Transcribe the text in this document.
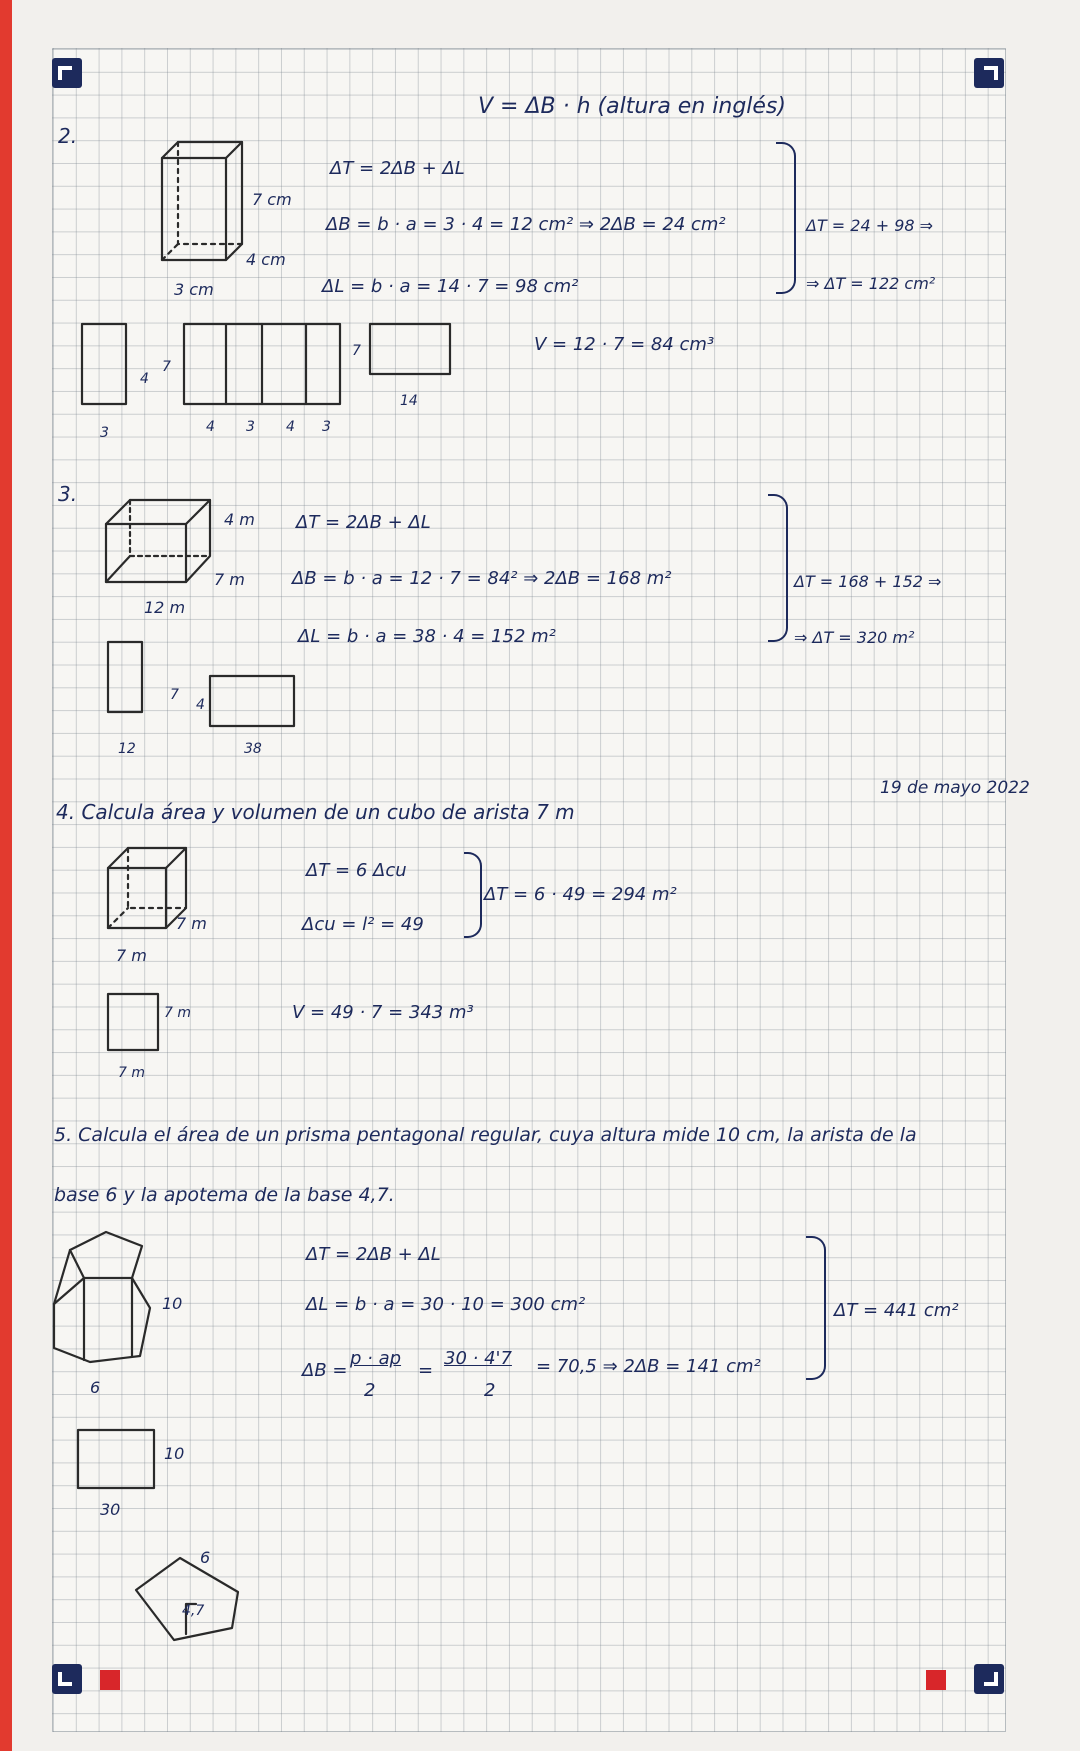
V = ΔB · h (altura en inglés)
2.
7 cm
4 cm
3 cm
4
7
3	4 3 4 3
7
14
ΔT = 2ΔB + ΔL
ΔB = b · a = 3 · 4 = 12 cm² ⇒ 2ΔB = 24 cm²
ΔL = b · a = 14 · 7 = 98 cm²
V = 12 · 7 = 84 cm³
ΔT = 24 + 98 ⇒
⇒ ΔT = 122 cm²
3.
4 m
7 m
12 m
7
4
12	38
ΔT = 2ΔB + ΔL
ΔB = b · a = 12 · 7 = 84² ⇒ 2ΔB = 168 m²
ΔL = b · a = 38 · 4 = 152 m²
ΔT = 168 + 152 ⇒
⇒ ΔT = 320 m²
19 de mayo 2022
4. Calcula área y volumen de un cubo de arista 7 m
7 m
7 m
7 m
7 m
ΔT = 6 Δcu
Δcu = l² = 49
ΔT = 6 · 49 = 294 m²
V = 49 · 7 = 343 m³
5. Calcula el área de un prisma pentagonal regular, cuya altura mide 10 cm, la arista de la
base 6 y la apotema de la base 4,7.
10
6
10
30
6
4,7
ΔT = 2ΔB + ΔL
ΔL = b · a = 30 · 10 = 300 cm²
ΔB =
p · ap
2
=
30 · 4'7
2
= 70,5 ⇒ 2ΔB = 141 cm²
ΔT = 441 cm²
